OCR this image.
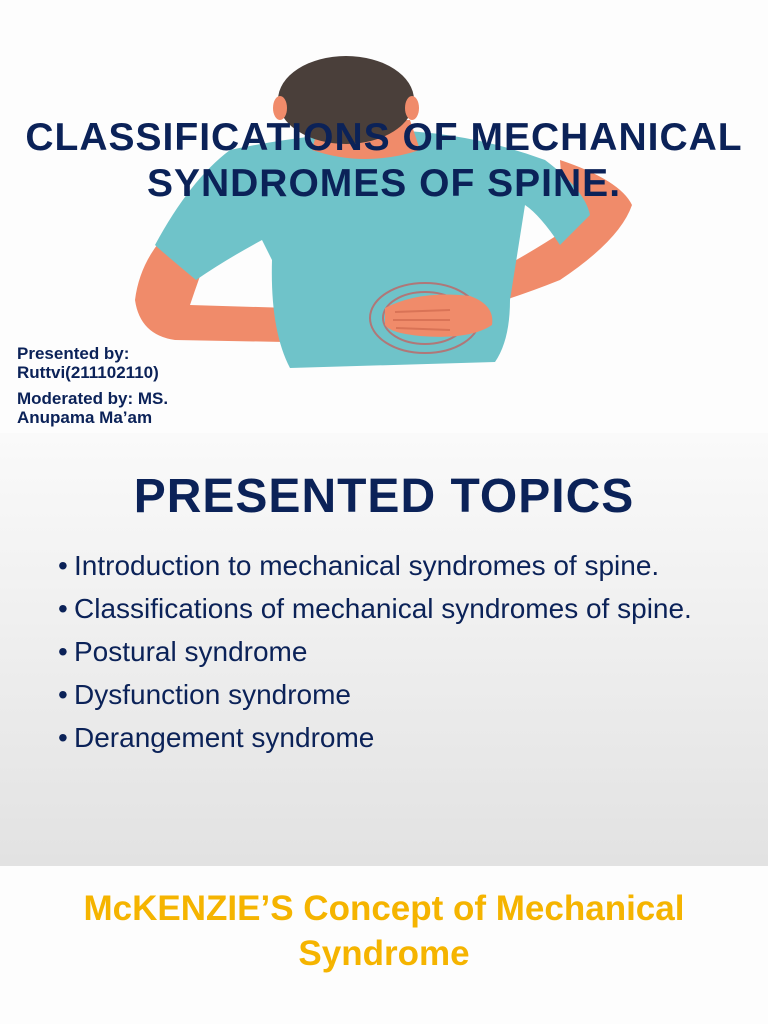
CLASSIFICATIONS OF MECHANICAL SYNDROMES OF SPINE.

Presented by: Ruttvi(211102110)

Moderated by: MS. Anupama Ma’am

PRESENTED TOPICS
• Introduction to mechanical syndromes of spine.
• Classifications of mechanical syndromes of spine.
• Postural syndrome
• Dysfunction syndrome
• Derangement syndrome
McKENZIE’S Concept of Mechanical Syndrome
